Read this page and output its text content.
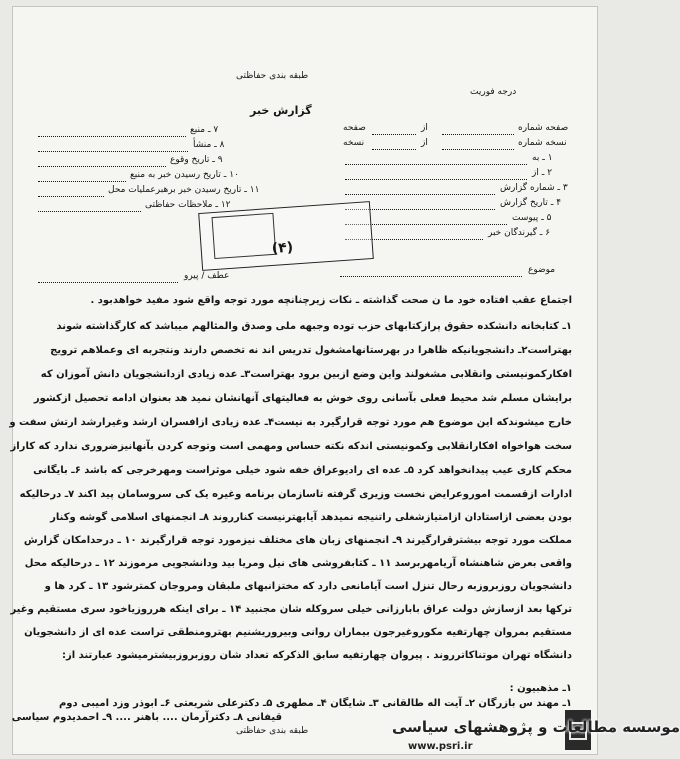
طبقه بندی حفاظتی
درجه فوریت
گزارش خبر
۷ ـ منبع
۸ ـ منشأ
۹ ـ تاریخ وقوع
۱۰ ـ تاریخ رسیدن خبر به منبع
۱۱ ـ تاریخ رسیدن خبر برهبرعملیات محل
۱۲ ـ ملاحظات حفاظتی
صفحه شماره
از
صفحه
نسخه شماره
از
نسخه
۱ ـ به
۲ ـ از
۳ ـ شماره گزارش
۴ ـ تاریخ گزارش
۵ ـ پیوست
۶ ـ گیرندگان خبر
(۴)
موضوع
عطف / پیرو
اجتماع عقب افتاده خود ما ن صحت گذاشته ـ نکات زیرچنانچه مورد توجه واقع شود مفید خواهدبود .
۱ـ کتابخانه دانشکده حقوق پرازکتابهای حزب توده وجبهه ملی وصدق والمثالهم میباشد که کارگذاشته شوند
بهتراست۲ـ دانشجویانیکه ظاهرا در بهرستانهامشغول تدریس اند نه تخصص دارند ونتجربه ای وعملاهم ترویج
افکارکمونیستی وانقلابی مشغولند واین وضع ازبین برود بهتراست۳ـ عده زیادی ازدانشجویان دانش آموزان که
برایشان مسلم شد محیط فعلی بآسانی روی خوش به فعالیتهای آنهانشان نمید هد بعنوان ادامه تحصیل ازکشور
خارج میشوندکه این موضوع هم مورد توجه قرارگیرد به نیست۴ـ عده زیادی ازافسران ارشد وغیرارشد ارتش سفت و
سخت هواخواه افکارانقلابی وکمونیستی اندکه نکته حساس ومهمی است وتوجه کردن بآنهانیزضروری ندارد که کاراز
محکم کاری عیب پیدانخواهد کرد ۵ـ عده ای رادیوعراق خفه شود خیلی موثراست ومهرخرجی که باشد ۶ـ بایگانی
ادارات ازقسمت اموروعرایض نخست وزیری گرفته تاسازمان برنامه وغیره یک کی سروسامان پید اکند ۷ـ درحالیکه
بودن بعضی ازاستادان ازامتیازشغلی راتنیجه نمیدهد آیابهترنیست کنارروند ۸ـ انجمنهای اسلامی گوشه وکنار
مملکت مورد توجه بیشترقرارگیرند ۹ـ انجمنهای زبان های مختلف نیزمورد توجه قرارگیرند ۱۰ ـ درحدامکان گزارش
واقعی بعرض شاهنشاه آریامهربرسد ۱۱ ـ کتابفروشی های نیل ومریا بید ودانشجویی مرموزند ۱۲ ـ درحالیکه محل
دانشجویان روزبروزبه رحال تنزل است آیامانعی دارد که مختزانبهای ملبقان ومروجان کمترشود ۱۳ ـ کرد ها و
ترکها بعد ازسازش دولت عراق بابارزانی خیلی سروکله شان مجنبید ۱۴ ـ برای اینکه هرروزیاخود سری مستقیم وغیر
مستقیم بمروان چهارتفیه مکوروغیرجون بیماران روانی وبیروریشنیم بهترومنطقی تراست عده ای از دانشجویان
دانشگاه تهران موتناکاترروند . پیروان چهارتفیه سابق الذکرکه تعداد شان روزبروزبیشترمیشود عبارتند از:
۱ـ مذهبیون :
۱ـ مهند س بازرگان ۲ـ آیت اله طالقانی ۳ـ شایگان ۴ـ مطهری ۵ـ دکترعلی شریعتی ۶ـ ابوذر وزد امیبی دوم
قیفانی ۸ـ دکترآرمان .... باهنر .... ۹ـ احمدیدوم سیاسی
طبقه بندی حفاظتی	موسسه مطالعات و پژوهشهای سیاسی
www.psri.ir
